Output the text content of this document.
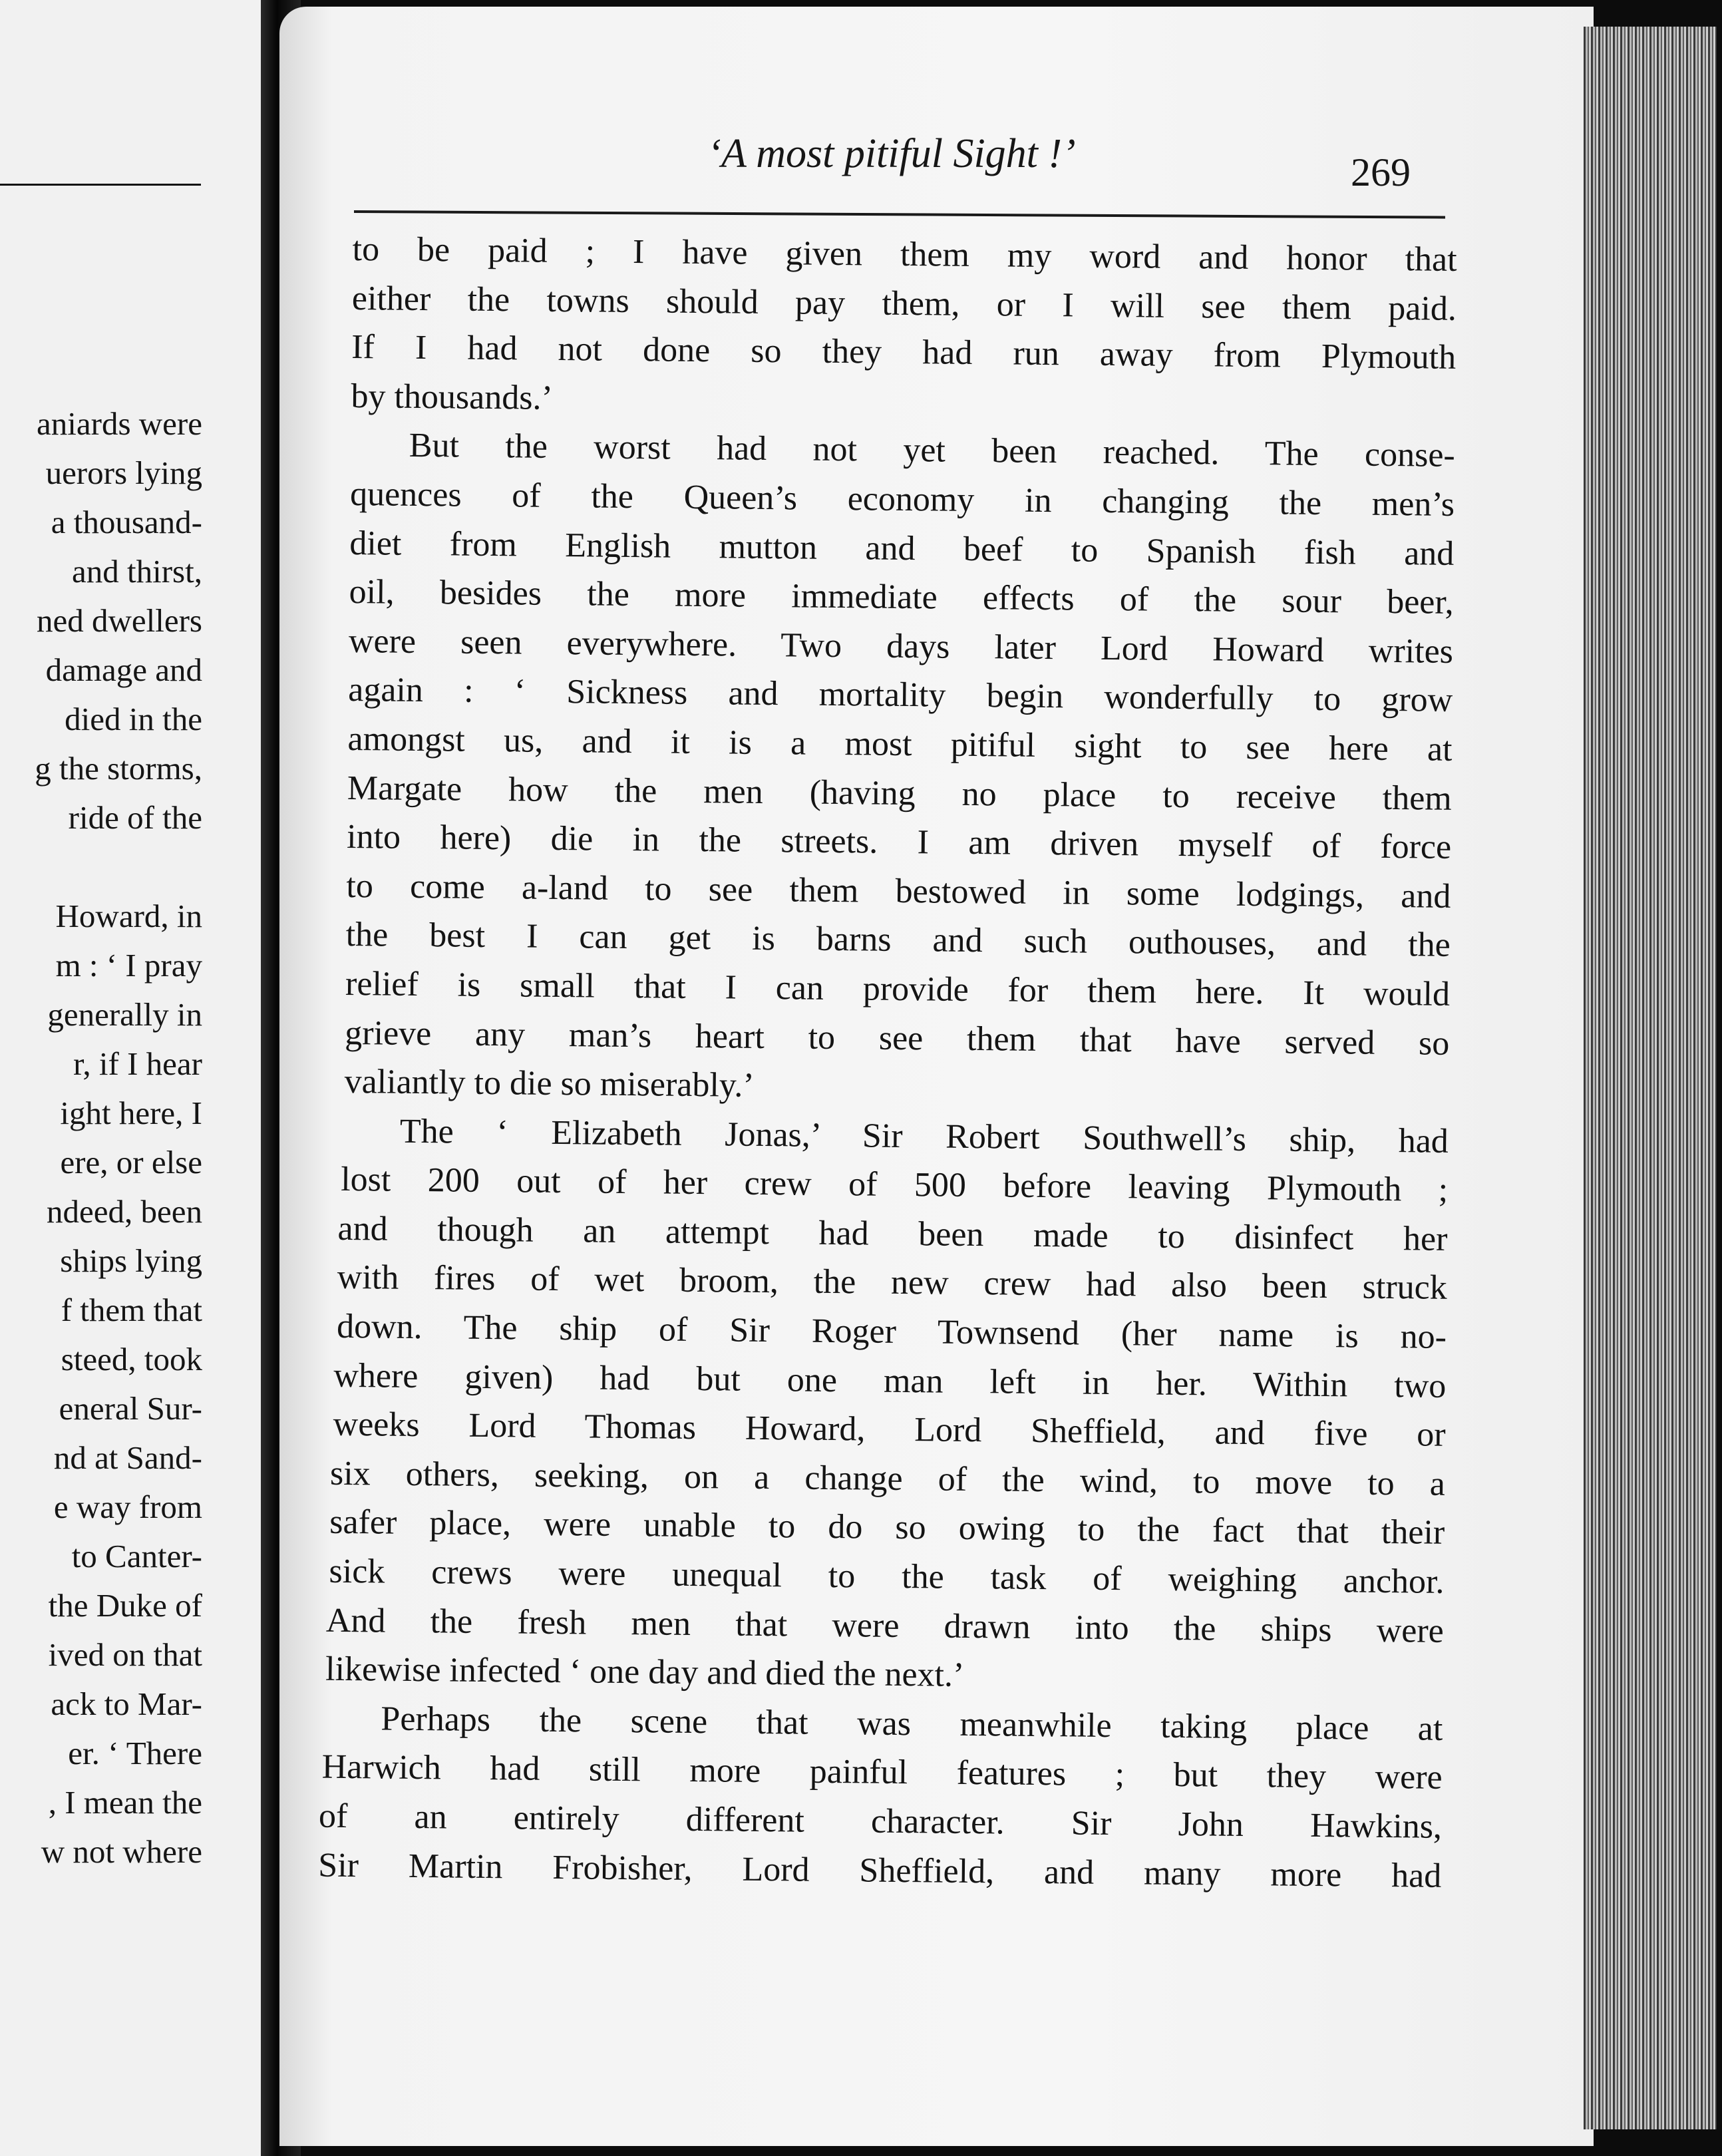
aniards were
uerors lying
a thousand-
and thirst,
ned dwellers
damage and
died in the
g the storms,
ride of the
Howard, in
m : ‘ I pray
generally in
r, if I hear
ight here, I
ere, or else
ndeed, been
ships lying
f them that
steed, took
eneral Sur-
nd at Sand-
e way from
to Canter-
the Duke of
ived on that
ack to Mar-
er. ‘ There
, I mean the
w not where
‘A most pitiful Sight !’	269
to be paid ; I have given them my word and honor that
either the towns should pay them, or I will see them paid.
If I had not done so they had run away from Plymouth
by thousands.’
But the worst had not yet been reached. The conse-
quences of the Queen’s economy in changing the men’s
diet from English mutton and beef to Spanish fish and
oil, besides the more immediate effects of the sour beer,
were seen everywhere. Two days later Lord Howard writes
again : ‘ Sickness and mortality begin wonderfully to grow
amongst us, and it is a most pitiful sight to see here at
Margate how the men (having no place to receive them
into here) die in the streets. I am driven myself of force
to come a-land to see them bestowed in some lodgings, and
the best I can get is barns and such outhouses, and the
relief is small that I can provide for them here. It would
grieve any man’s heart to see them that have served so
valiantly to die so miserably.’
The ‘ Elizabeth Jonas,’ Sir Robert Southwell’s ship, had
lost 200 out of her crew of 500 before leaving Plymouth ;
and though an attempt had been made to disinfect her
with fires of wet broom, the new crew had also been struck
down. The ship of Sir Roger Townsend (her name is no-
where given) had but one man left in her. Within two
weeks Lord Thomas Howard, Lord Sheffield, and five or
six others, seeking, on a change of the wind, to move to a
safer place, were unable to do so owing to the fact that their
sick crews were unequal to the task of weighing anchor.
And the fresh men that were drawn into the ships were
likewise infected ‘ one day and died the next.’
Perhaps the scene that was meanwhile taking place at
Harwich had still more painful features ; but they were
of an entirely different character. Sir John Hawkins,
Sir Martin Frobisher, Lord Sheffield, and many more had
